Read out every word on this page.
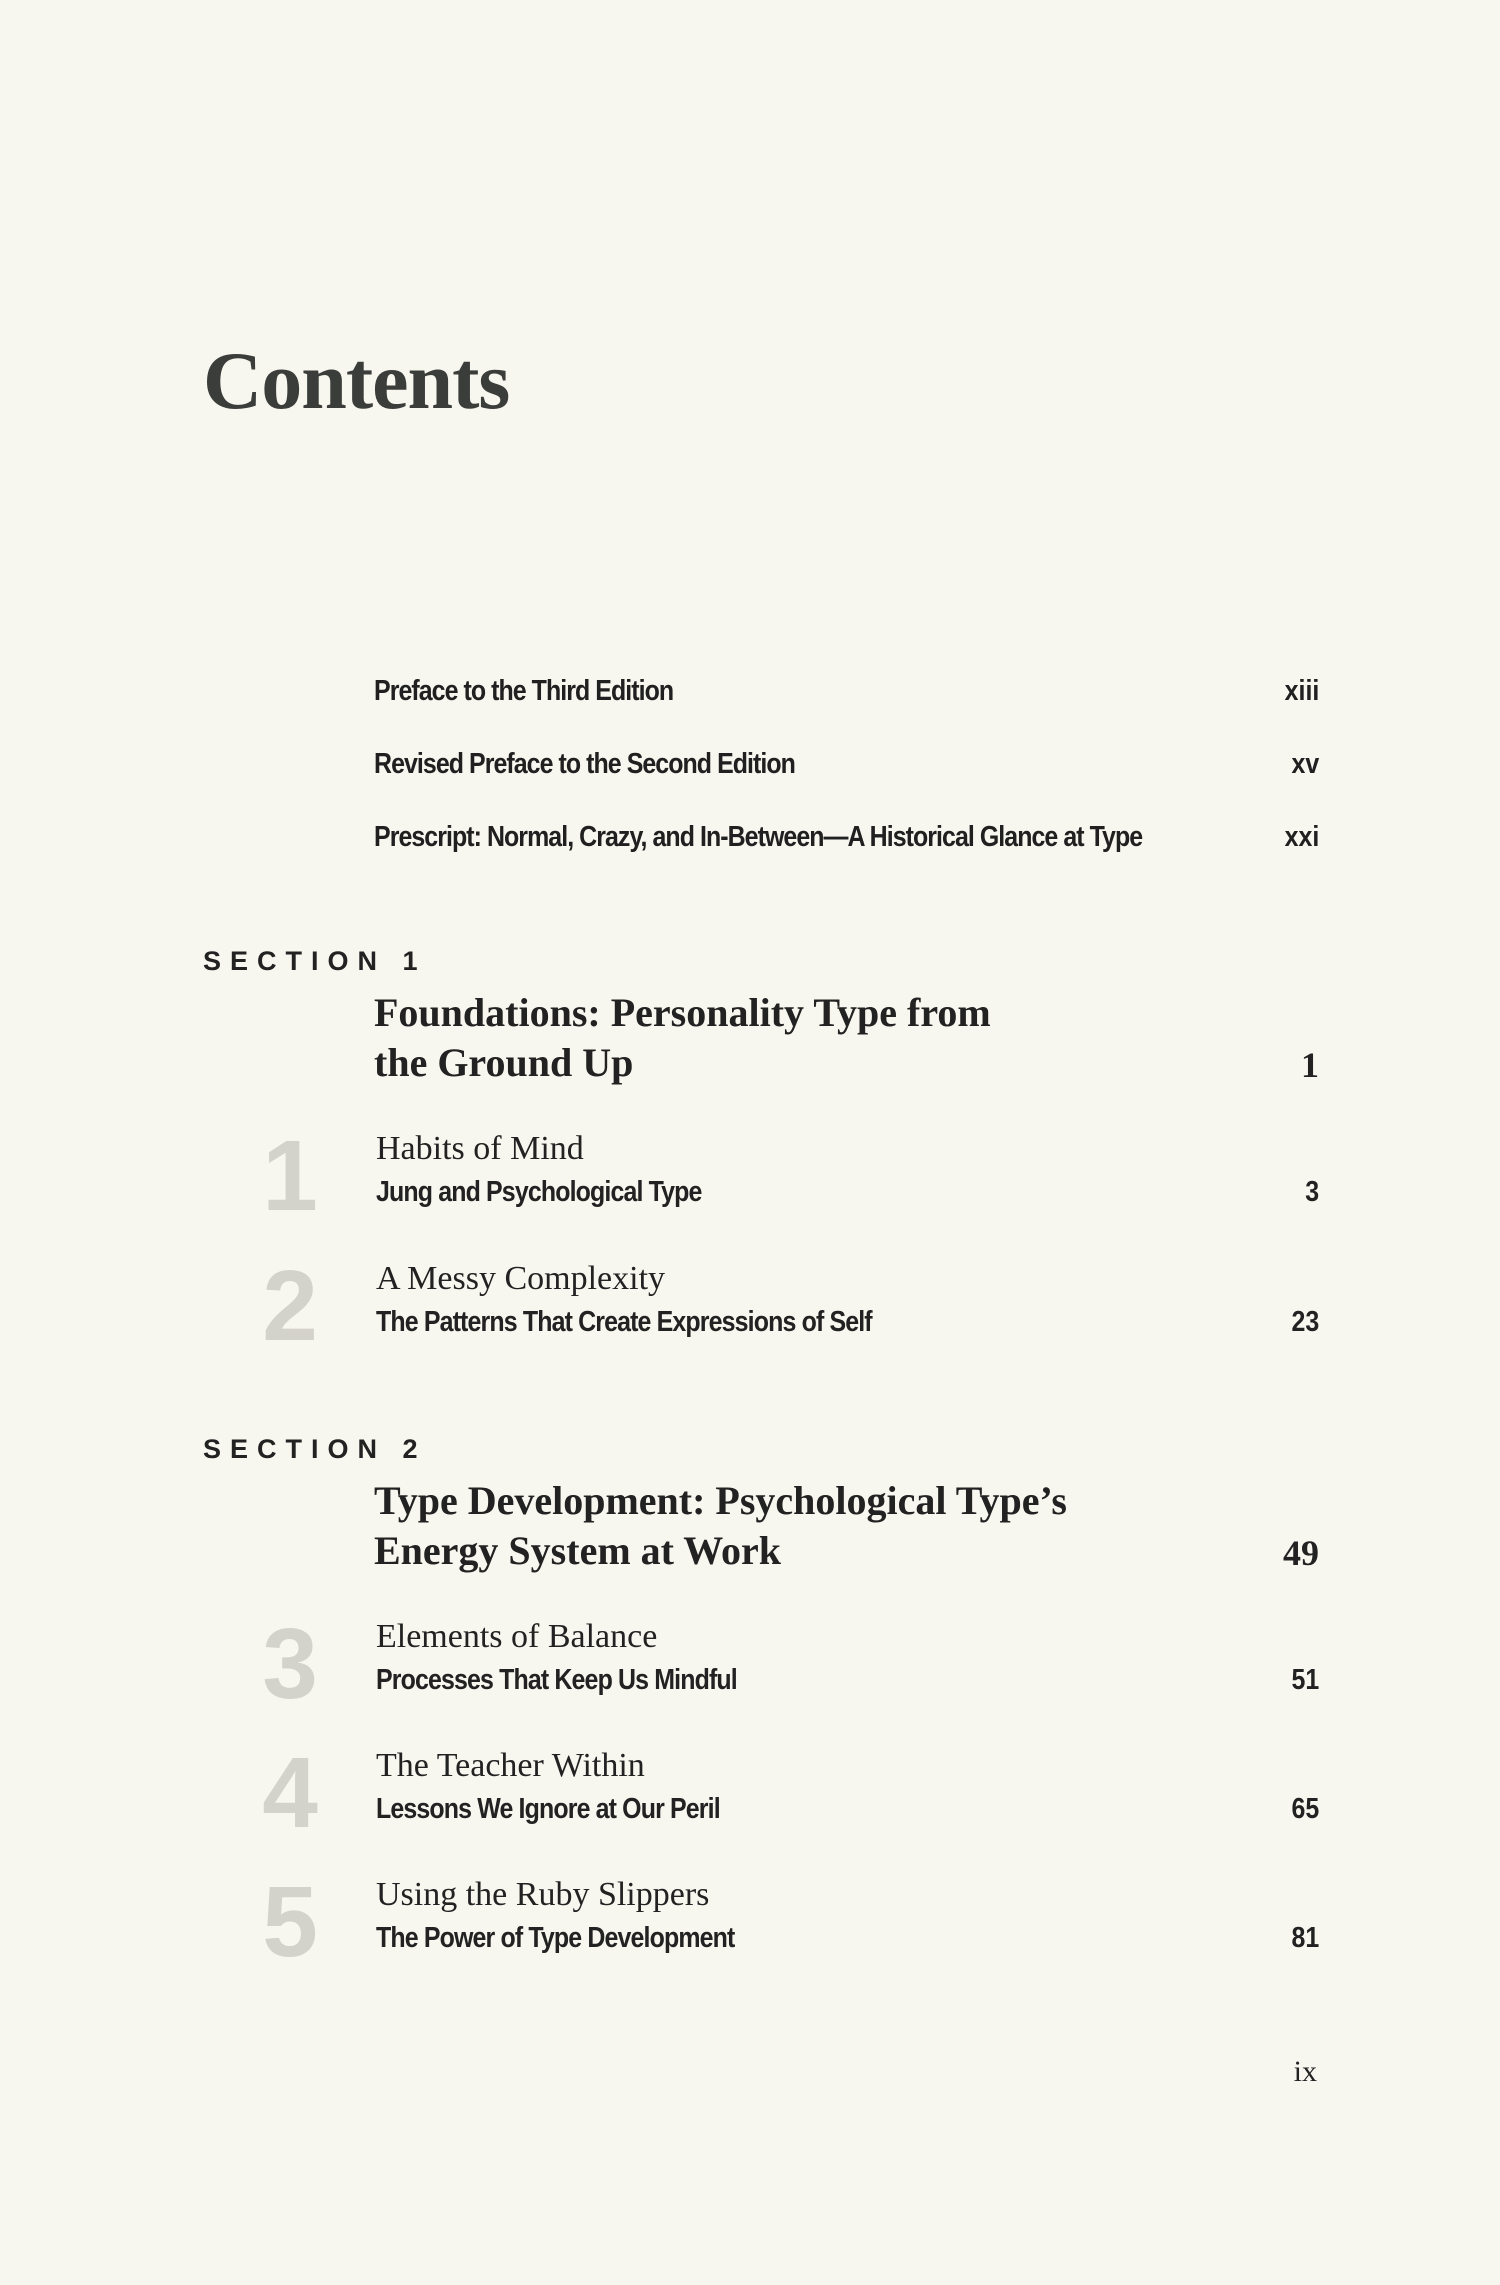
Contents
Preface to the Third Edition	xiii
Revised Preface to the Second Edition	xv
Prescript: Normal, Crazy, and In-Between—A Historical Glance at Type	xxi
SECTION 1
Foundations: Personality Type from
the Ground Up	1
1	Habits of Mind
Jung and Psychological Type	3
2	A Messy Complexity
The Patterns That Create Expressions of Self	23
SECTION 2
Type Development: Psychological Type’s
Energy System at Work	49
3	Elements of Balance
Processes That Keep Us Mindful	51
4	The Teacher Within
Lessons We Ignore at Our Peril	65
5	Using the Ruby Slippers
The Power of Type Development	81
ix
